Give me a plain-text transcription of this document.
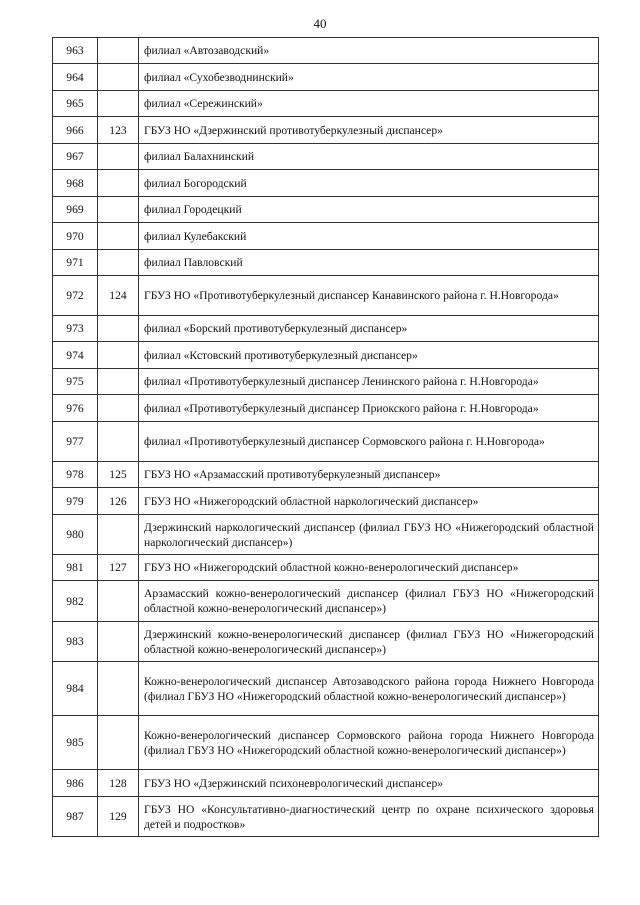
40
963		филиал «Автозаводский»
964		филиал «Сухобезводнинский»
965		филиал «Сережинский»
966	123	ГБУЗ НО «Дзержинский противотуберкулезный диспансер»
967		филиал Балахнинский
968		филиал Богородский
969		филиал Городецкий
970		филиал Кулебакский
971		филиал Павловский
972	124	ГБУЗ НО «Противотуберкулезный диспансер Канавинского района г. Н.Новгорода»
973		филиал «Борский противотуберкулезный диспансер»
974		филиал «Кстовский противотуберкулезный диспансер»
975		филиал «Противотуберкулезный диспансер Ленинского района г. Н.Новгорода»
976		филиал «Противотуберкулезный диспансер Приокского района г. Н.Новгорода»
977		филиал «Противотуберкулезный диспансер Сормовского района г. Н.Новгорода»
978	125	ГБУЗ НО «Арзамасский противотуберкулезный диспансер»
979	126	ГБУЗ НО «Нижегородский областной наркологический диспансер»
980		Дзержинский наркологический диспансер (филиал ГБУЗ НО «Нижегородский областной наркологический диспансер»)
981	127	ГБУЗ НО «Нижегородский областной кожно-венерологический диспансер»
982		Арзамасский кожно-венерологический диспансер (филиал ГБУЗ НО «Нижегородский областной кожно-венерологический диспансер»)
983		Дзержинский кожно-венерологический диспансер (филиал ГБУЗ НО «Нижегородский областной кожно-венерологический диспансер»)
984		Кожно-венерологический диспансер Автозаводского района города Нижнего Новгорода (филиал ГБУЗ НО «Нижегородский областной кожно-венерологический диспансер»)
985		Кожно-венерологический диспансер Сормовского района города Нижнего Новгорода (филиал ГБУЗ НО «Нижегородский областной кожно-венерологический диспансер»)
986	128	ГБУЗ НО «Дзержинский психоневрологический диспансер»
987	129	ГБУЗ НО «Консультативно-диагностический центр по охране психического здоровья детей и подростков»
